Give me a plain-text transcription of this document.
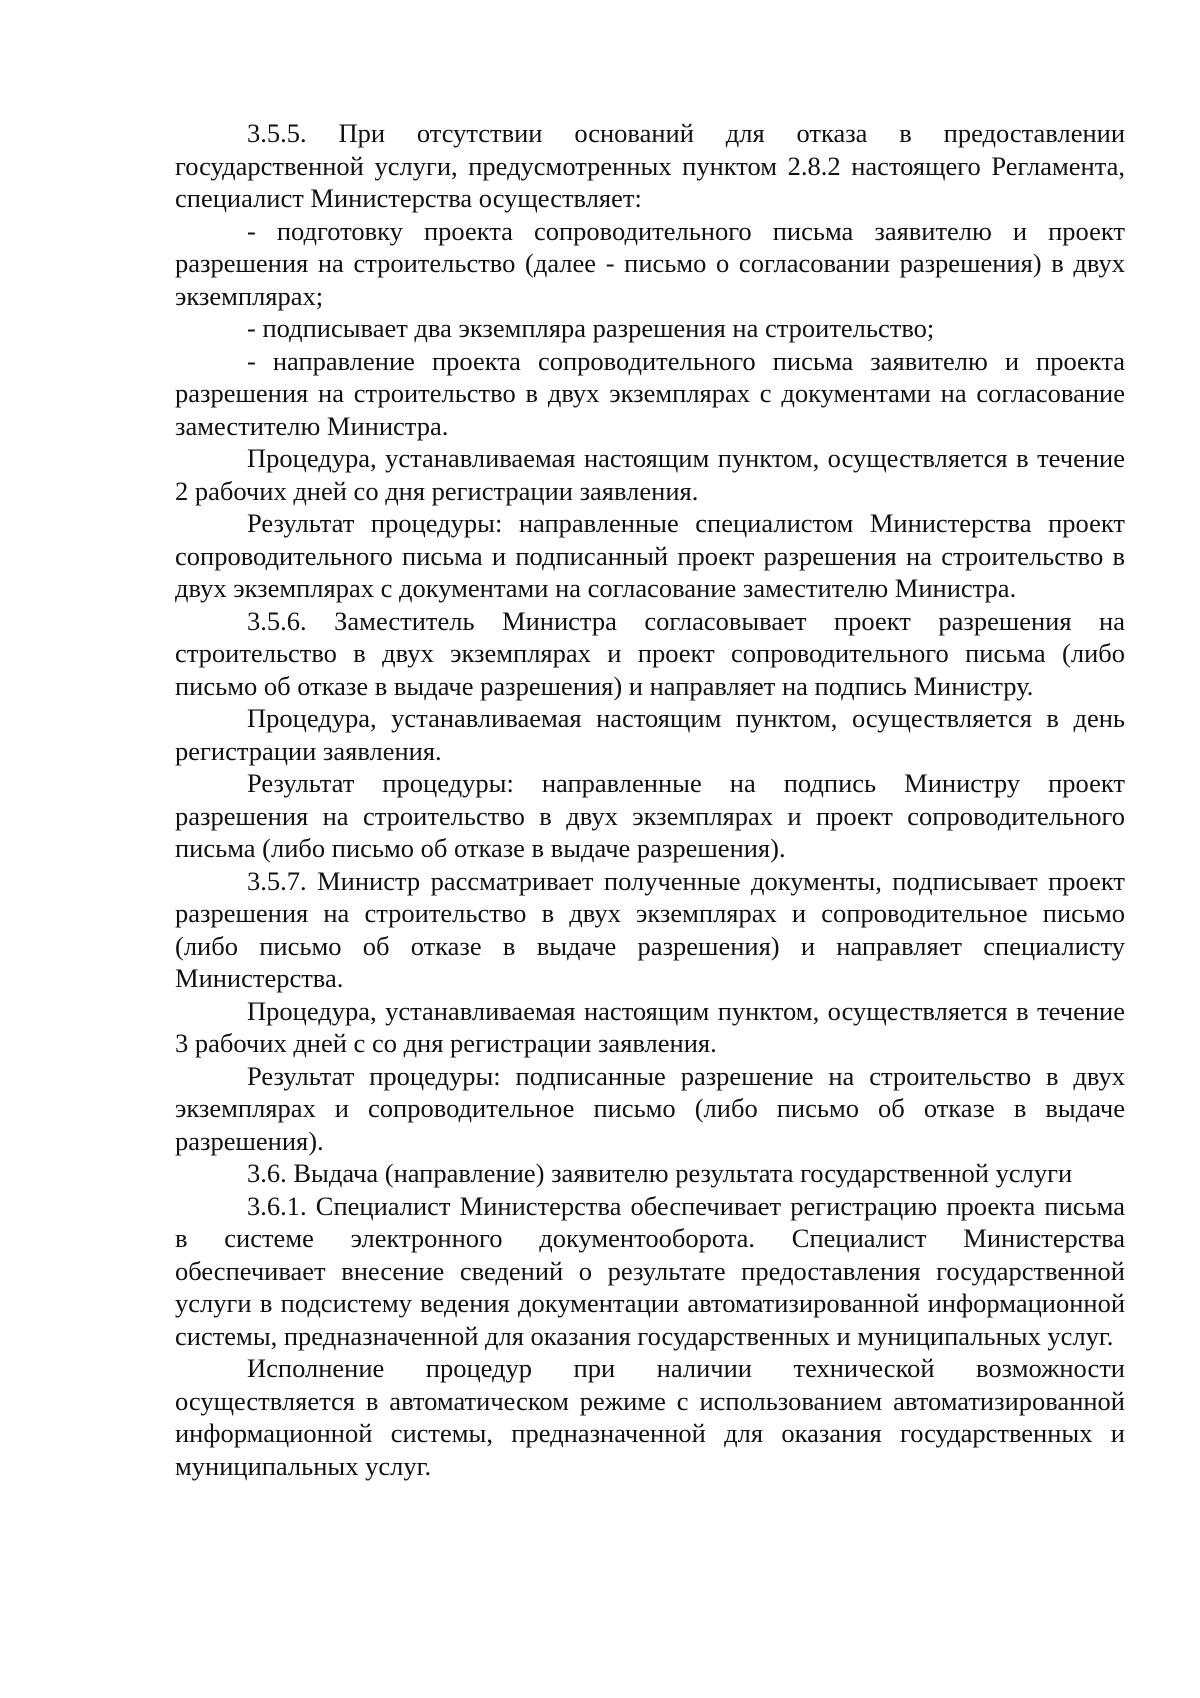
3.5.5. При отсутствии оснований для отказа в предоставлении государственной услуги, предусмотренных пунктом 2.8.2 настоящего Регламента, специалист Министерства осуществляет:

- подготовку проекта сопроводительного письма заявителю и проект разрешения на строительство (далее - письмо о согласовании разрешения) в двух экземплярах;

- подписывает два экземпляра разрешения на строительство;

- направление проекта сопроводительного письма заявителю и проекта разрешения на строительство в двух экземплярах с документами на согласование заместителю Министра.

Процедура, устанавливаемая настоящим пунктом, осуществляется в течение 2 рабочих дней со дня регистрации заявления.

Результат процедуры: направленные специалистом Министерства проект сопроводительного письма и подписанный проект разрешения на строительство в двух экземплярах с документами на согласование заместителю Министра.

3.5.6. Заместитель Министра согласовывает проект разрешения на строительство в двух экземплярах и проект сопроводительного письма (либо письмо об отказе в выдаче разрешения) и направляет на подпись Министру.

Процедура, устанавливаемая настоящим пунктом, осуществляется в день регистрации заявления.

Результат процедуры: направленные на подпись Министру проект разрешения на строительство в двух экземплярах и проект сопроводительного письма (либо письмо об отказе в выдаче разрешения).

3.5.7. Министр рассматривает полученные документы, подписывает проект разрешения на строительство в двух экземплярах и сопроводительное письмо (либо письмо об отказе в выдаче разрешения) и направляет специалисту Министерства.

Процедура, устанавливаемая настоящим пунктом, осуществляется в течение 3 рабочих дней с со дня регистрации заявления.

Результат процедуры: подписанные разрешение на строительство в двух экземплярах и сопроводительное письмо (либо письмо об отказе в выдаче разрешения).

3.6. Выдача (направление) заявителю результата государственной услуги

3.6.1. Специалист Министерства обеспечивает регистрацию проекта письма в системе электронного документооборота. Специалист Министерства обеспечивает внесение сведений о результате предоставления государственной услуги в подсистему ведения документации автоматизированной информационной системы, предназначенной для оказания государственных и муниципальных услуг.

Исполнение процедур при наличии технической возможности осуществляется в автоматическом режиме с использованием автоматизированной информационной системы, предназначенной для оказания государственных и муниципальных услуг.
